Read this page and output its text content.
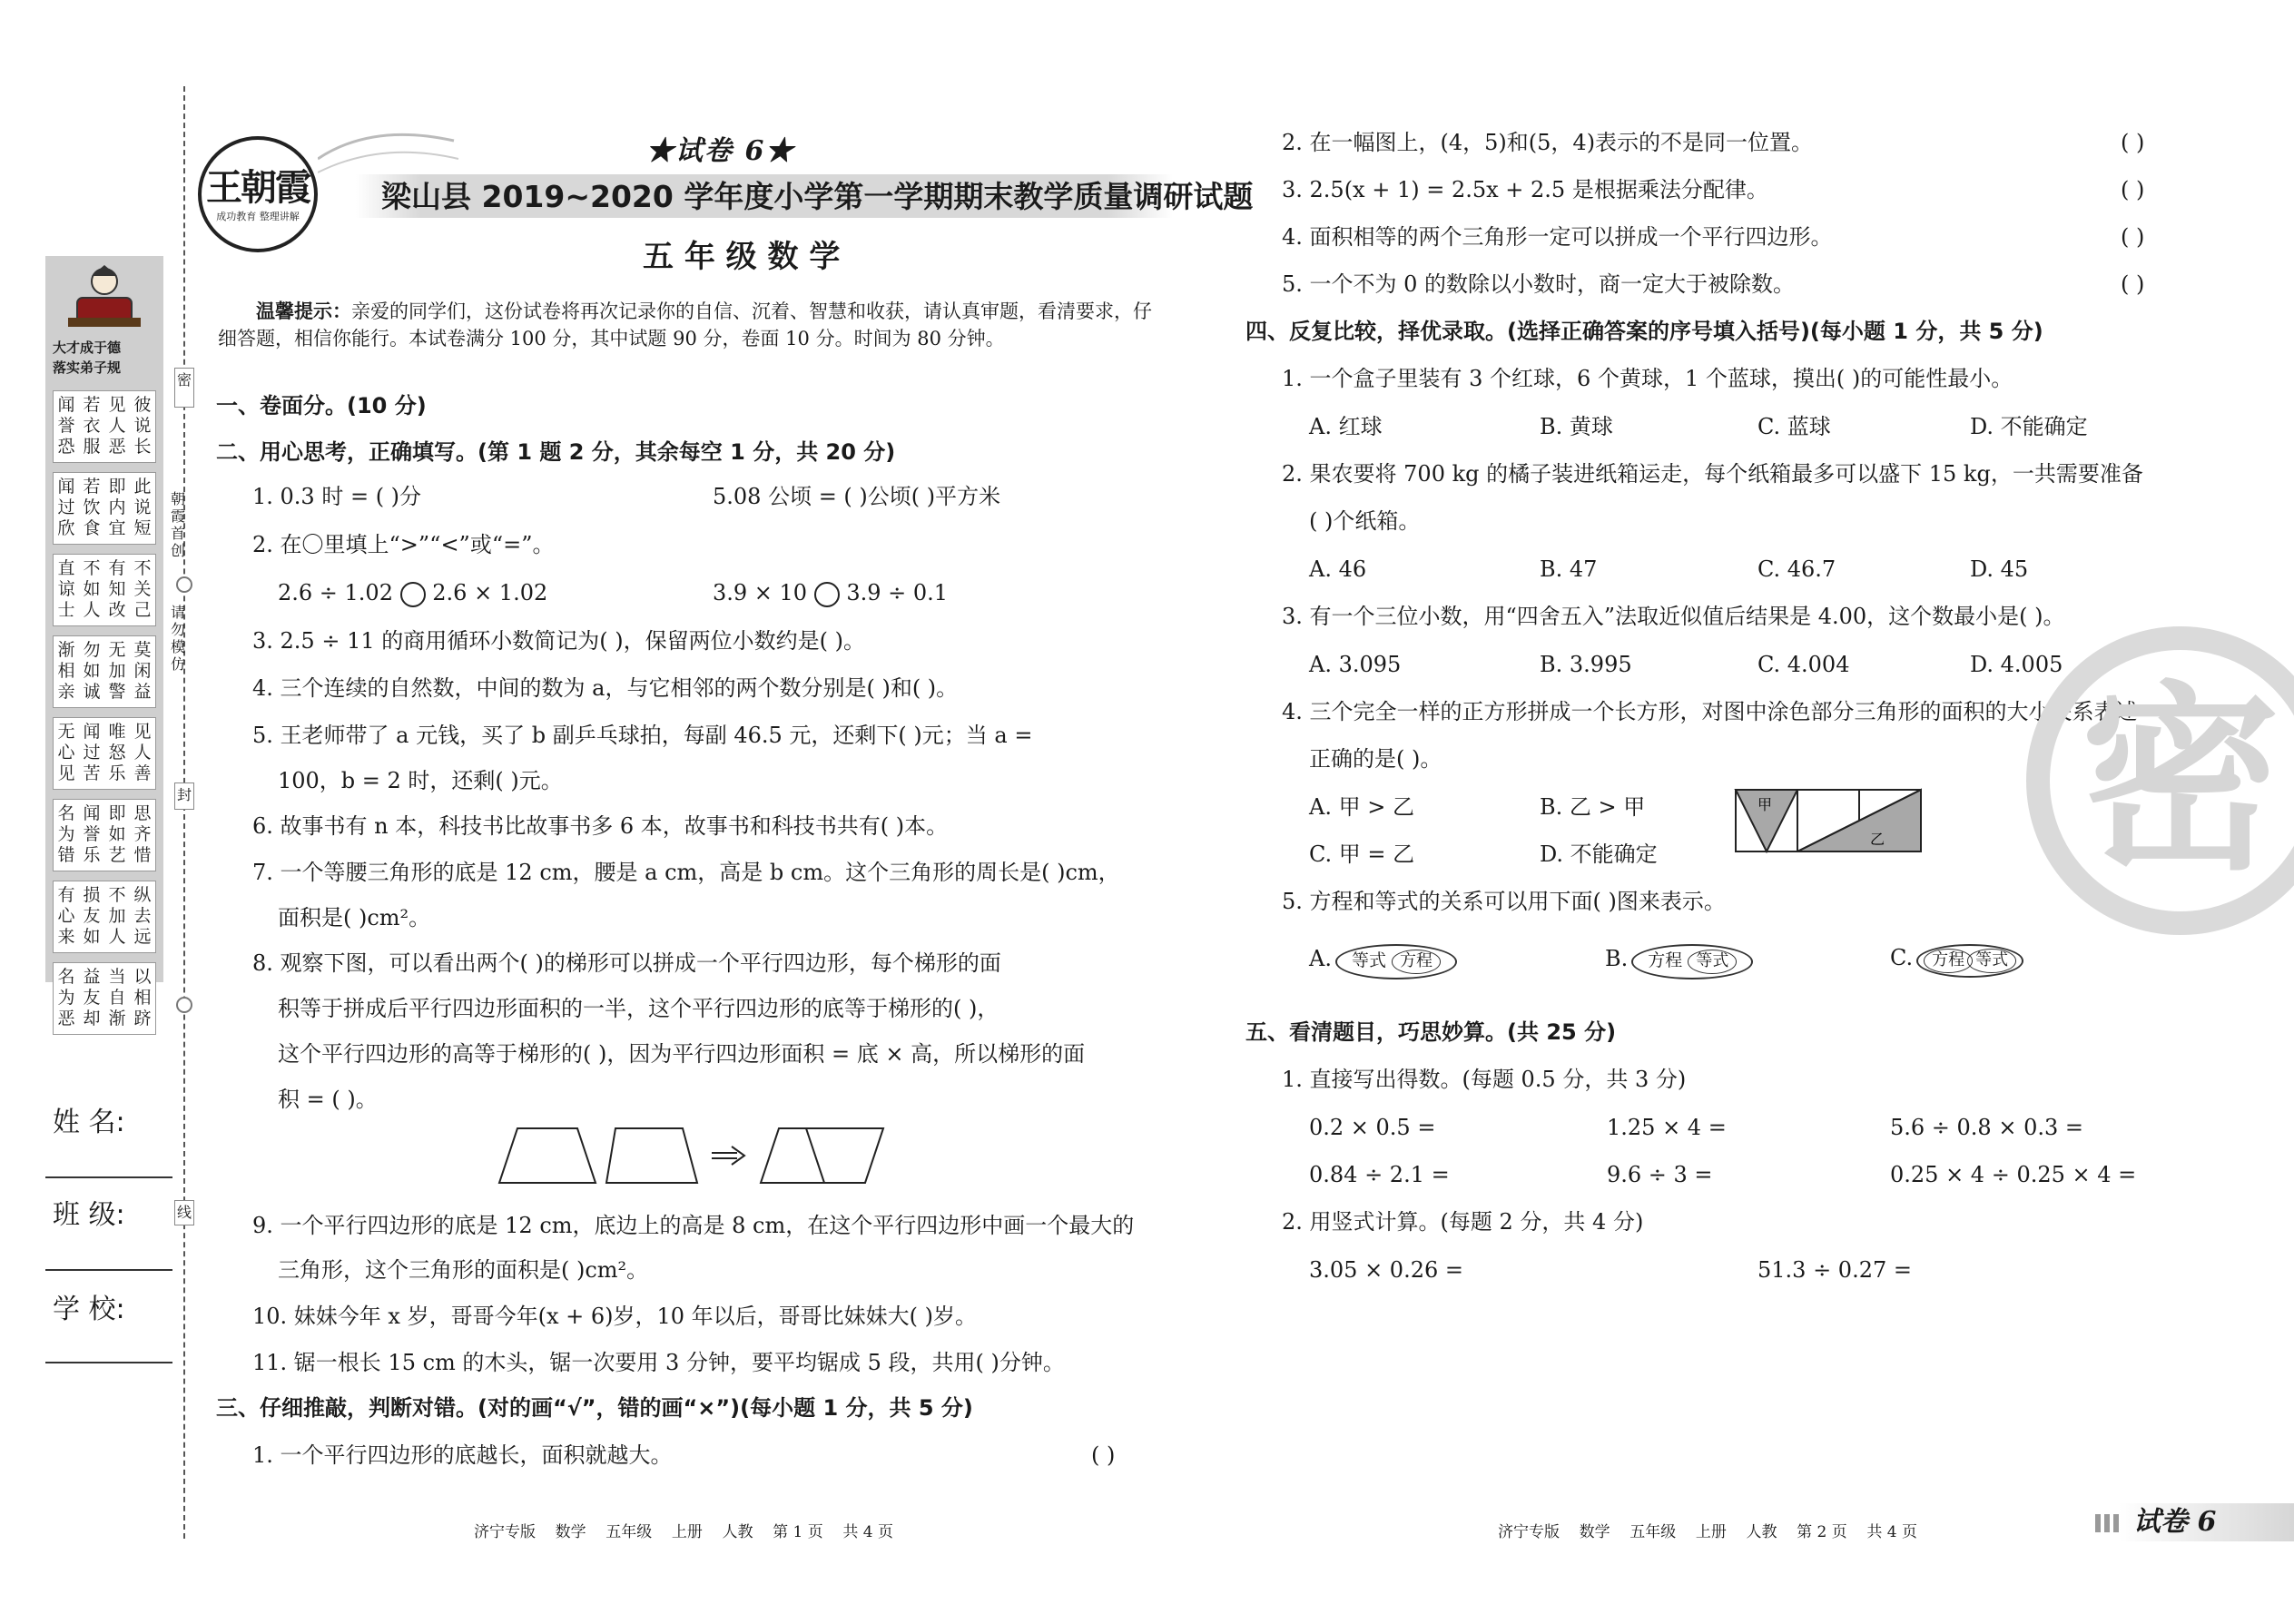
密
封
线
朝霞
首创
请勿
模仿
大才成于德
落实弟子规
闻誉恐
若衣服
见人恶
彼说长
闻过欣
若饮食
即内宜
此说短
直谅士
不如人
有知改
不关己
渐相亲
勿如诚
无加警
莫闲益
无心见
闻过苦
唯怒乐
见人善
名为错
闻誉乐
即如艺
思齐惜
有心来
损友如
不加人
纵去远
名为恶
益友却
当自渐
以相跻
姓 名:
班 级:
学 校:
王朝霞
成功教育 整理讲解
★试卷 6★
梁山县 2019~2020 学年度小学第一学期期末教学质量调研试题
五 年 级 数 学
温馨提示：亲爱的同学们，这份试卷将再次记录你的自信、沉着、智慧和收获，请认真审题，看清要求，仔
细答题，相信你能行。本试卷满分 100 分，其中试题 90 分，卷面 10 分。时间为 80 分钟。
一、卷面分。(10 分)
二、用心思考，正确填写。(第 1 题 2 分，其余每空 1 分，共 20 分)
1. 0.3 时 = ( )分	5.08 公顷 = ( )公顷( )平方米
2. 在〇里填上“>”“<”或“=”。
2.6 ÷ 1.02 2.6 × 1.02	3.9 × 10 3.9 ÷ 0.1
3. 2.5 ÷ 11 的商用循环小数简记为( )，保留两位小数约是( )。
4. 三个连续的自然数，中间的数为 a，与它相邻的两个数分别是( )和( )。
5. 王老师带了 a 元钱，买了 b 副乒乓球拍，每副 46.5 元，还剩下( )元；当 a =
100，b = 2 时，还剩( )元。
6. 故事书有 n 本，科技书比故事书多 6 本，故事书和科技书共有( )本。
7. 一个等腰三角形的底是 12 cm，腰是 a cm，高是 b cm。这个三角形的周长是( )cm，
面积是( )cm²。
8. 观察下图，可以看出两个( )的梯形可以拼成一个平行四边形，每个梯形的面
积等于拼成后平行四边形面积的一半，这个平行四边形的底等于梯形的( )，
这个平行四边形的高等于梯形的( )，因为平行四边形面积 = 底 × 高，所以梯形的面
积 = ( )。
9. 一个平行四边形的底是 12 cm，底边上的高是 8 cm，在这个平行四边形中画一个最大的
三角形，这个三角形的面积是( )cm²。
10. 妹妹今年 x 岁，哥哥今年(x + 6)岁，10 年以后，哥哥比妹妹大( )岁。
11. 锯一根长 15 cm 的木头，锯一次要用 3 分钟，要平均锯成 5 段，共用( )分钟。
三、仔细推敲，判断对错。(对的画“√”，错的画“×”)(每小题 1 分，共 5 分)
1. 一个平行四边形的底越长，面积就越大。	( )
2. 在一幅图上，(4，5)和(5，4)表示的不是同一位置。	( )
3. 2.5(x + 1) = 2.5x + 2.5 是根据乘法分配律。	( )
4. 面积相等的两个三角形一定可以拼成一个平行四边形。	( )
5. 一个不为 0 的数除以小数时，商一定大于被除数。	( )
四、反复比较，择优录取。(选择正确答案的序号填入括号)(每小题 1 分，共 5 分)
1. 一个盒子里装有 3 个红球，6 个黄球，1 个蓝球，摸出( )的可能性最小。
A. 红球	B. 黄球	C. 蓝球	D. 不能确定
2. 果农要将 700 kg 的橘子装进纸箱运走，每个纸箱最多可以盛下 15 kg，一共需要准备
( )个纸箱。
A. 46	B. 47	C. 46.7	D. 45
3. 有一个三位小数，用“四舍五入”法取近似值后结果是 4.00，这个数最小是( )。
A. 3.095	B. 3.995	C. 4.004	D. 4.005
4. 三个完全一样的正方形拼成一个长方形，对图中涂色部分三角形的面积的大小关系表述
正确的是( )。
A. 甲 > 乙	B. 乙 > 甲
C. 甲 = 乙	D. 不能确定
甲
乙
5. 方程和等式的关系可以用下面( )图来表示。
A. 等式 方程	B. 方程 等式	C. 方程 等式
五、看清题目，巧思妙算。(共 25 分)
1. 直接写出得数。(每题 0.5 分，共 3 分)
0.2 × 0.5 =	1.25 × 4 =	5.6 ÷ 0.8 × 0.3 =
0.84 ÷ 2.1 =	9.6 ÷ 3 =	0.25 × 4 ÷ 0.25 × 4 =
2. 用竖式计算。(每题 2 分，共 4 分)
3.05 × 0.26 =	51.3 ÷ 0.27 =
密
济宁专版    数学    五年级    上册    人教    第 1 页    共 4 页	济宁专版    数学    五年级    上册    人教    第 2 页    共 4 页	试卷 6
